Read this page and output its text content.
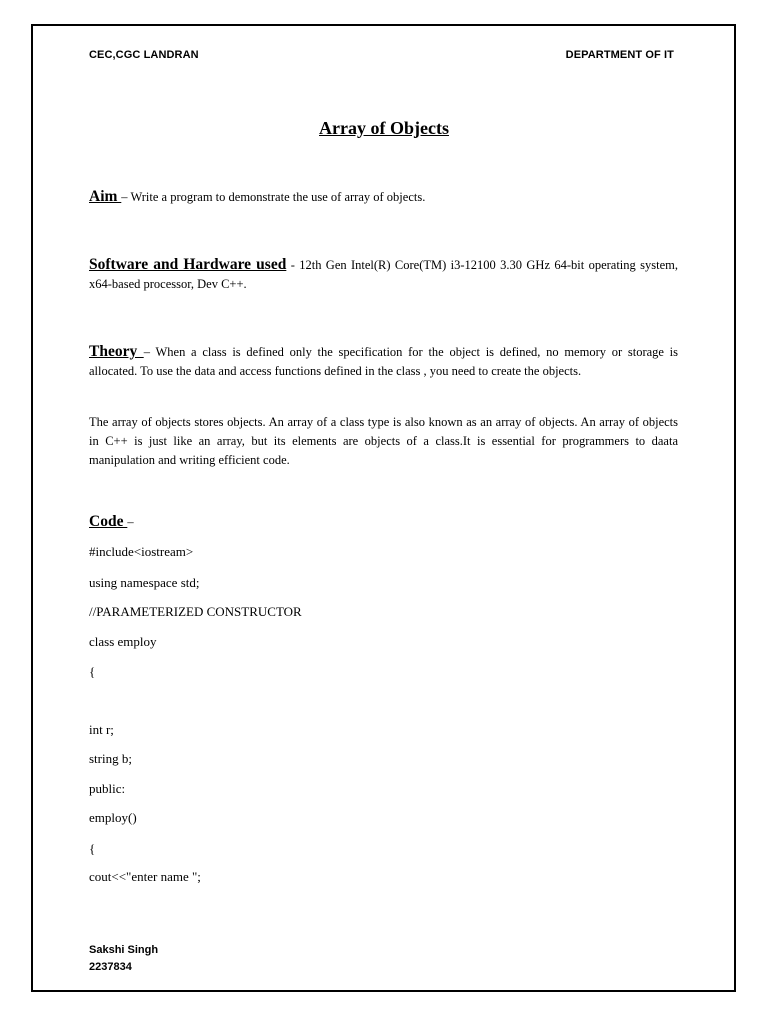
CEC,CGC LANDRAN	DEPARTMENT OF IT
Array of Objects
Aim – Write a program to demonstrate the use of array of objects.
Software and Hardware used - 12th Gen Intel(R) Core(TM) i3-12100 3.30 GHz 64-bit operating system, x64-based processor, Dev C++.
Theory – When a class is defined only the specification for the object is defined, no memory or storage is allocated. To use the data and access functions defined in the class , you need to create the objects.
The array of objects stores objects. An array of a class type is also known as an array of objects. An array of objects in C++ is just like an array, but its elements are objects of a class.It is essential for programmers to daata manipulation and writing efficient code.
Code –
#include<iostream>
using namespace std;
//PARAMETERIZED CONSTRUCTOR
class employ
{
int r;
string b;
public:
employ()
{
cout<<"enter name ";
Sakshi Singh
2237834
